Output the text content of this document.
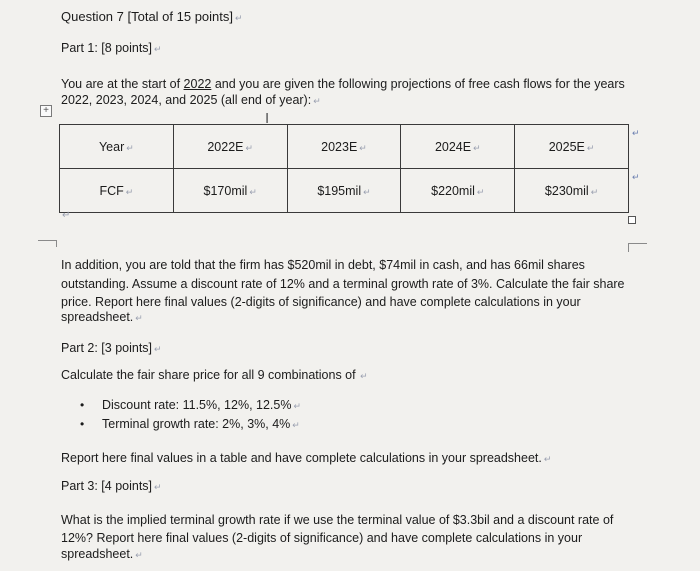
Question 7 [Total of 15 points] ↵
Part 1: [8 points] ↵
You are at the start of 2022 and you are given the following projections of free cash flows for the years
2022, 2023, 2024, and 2025 (all end of year): ↵
+	I
Year ↵	2022E ↵	2023E ↵	2024E ↵	2025E ↵
FCF ↵	$170mil ↵	$195mil ↵	$220mil ↵	$230mil ↵
↵
↵
↵
In addition, you are told that the firm has $520mil in debt, $74mil in cash, and has 66mil shares
outstanding. Assume a discount rate of 12% and a terminal growth rate of 3%. Calculate the fair share
price. Report here final values (2-digits of significance) and have complete calculations in your
spreadsheet. ↵
Part 2: [3 points] ↵
Calculate the fair share price for all 9 combinations of ↵
• Discount rate: 11.5%, 12%, 12.5% ↵
• Terminal growth rate: 2%, 3%, 4% ↵
Report here final values in a table and have complete calculations in your spreadsheet. ↵
Part 3: [4 points] ↵
What is the implied terminal growth rate if we use the terminal value of $3.3bil and a discount rate of
12%? Report here final values (2-digits of significance) and have complete calculations in your
spreadsheet. ↵
